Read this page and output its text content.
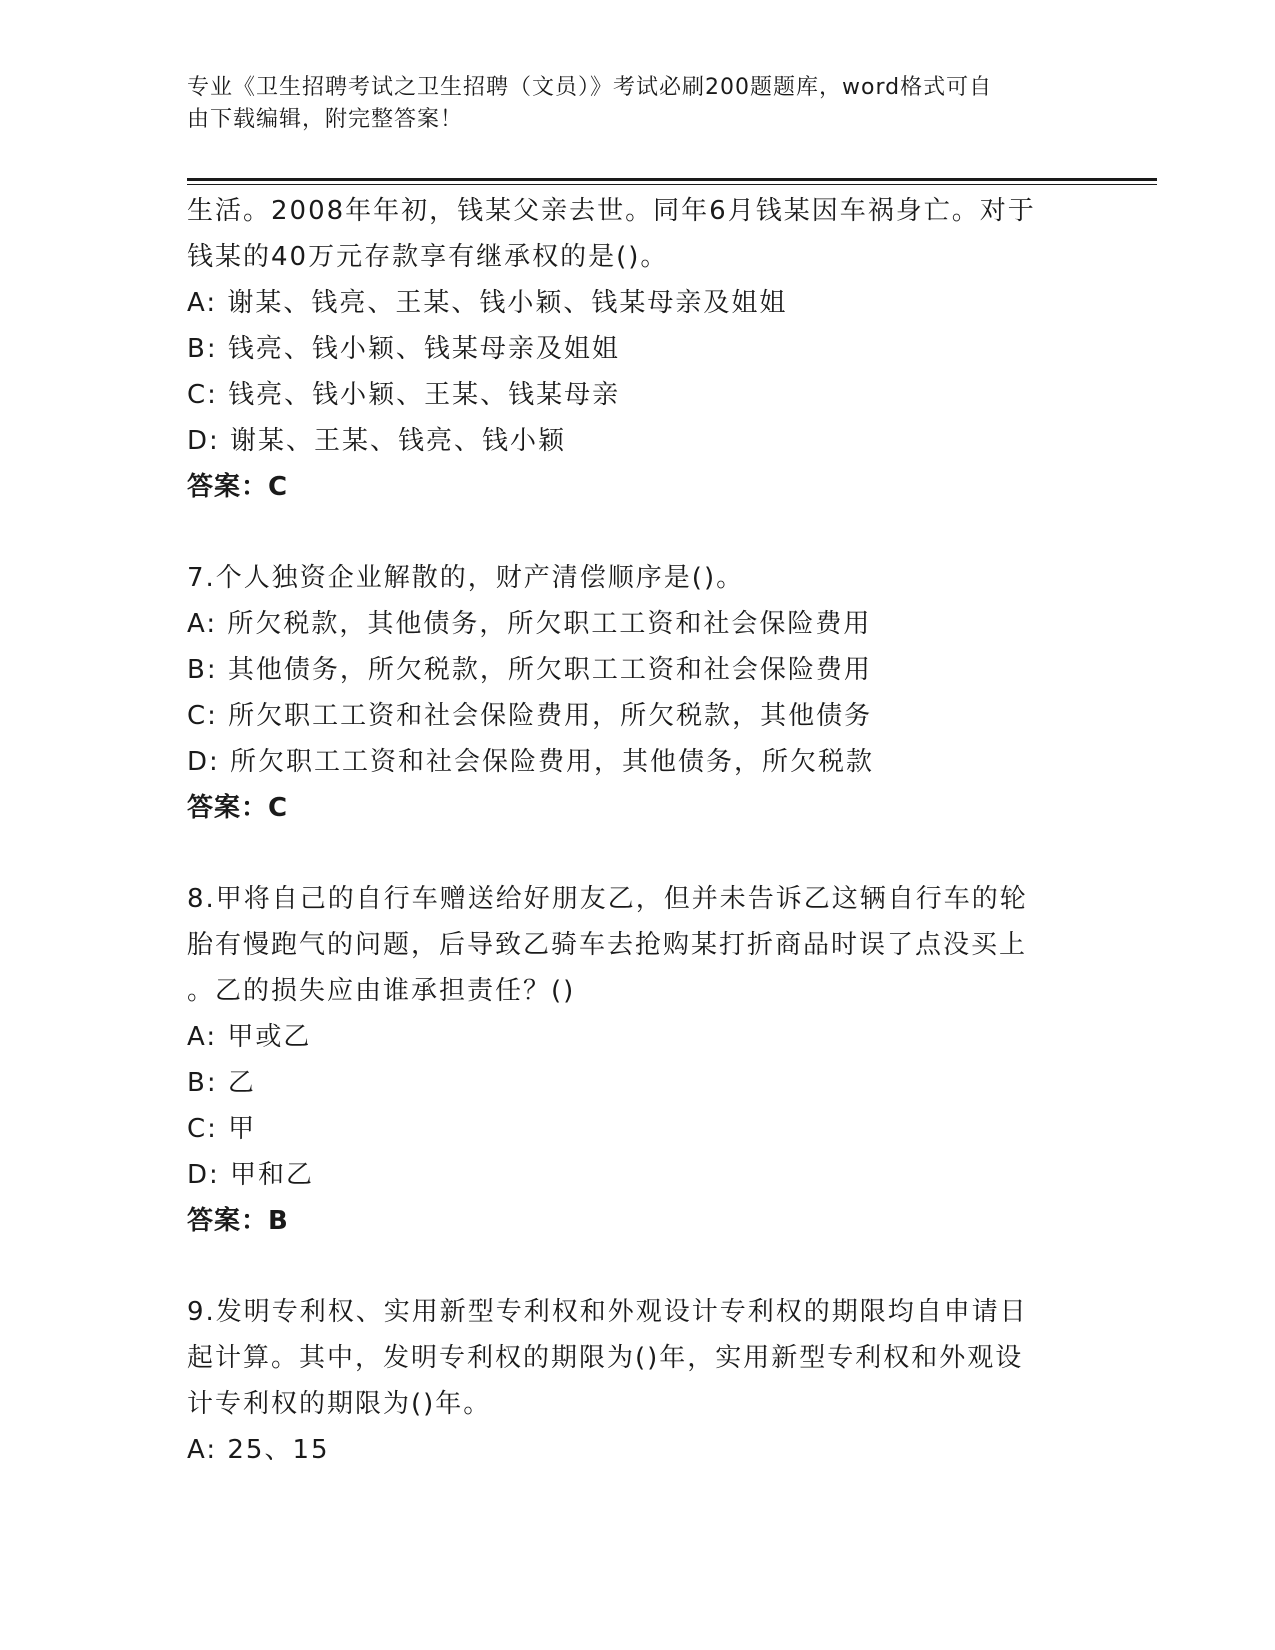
专业《卫生招聘考试之卫生招聘（文员）》考试必刷200题题库，word格式可自
由下载编辑，附完整答案！
生活。2008年年初，钱某父亲去世。同年6月钱某因车祸身亡。对于
钱某的40万元存款享有继承权的是()。
A: 谢某、钱亮、王某、钱小颖、钱某母亲及姐姐
B: 钱亮、钱小颖、钱某母亲及姐姐
C: 钱亮、钱小颖、王某、钱某母亲
D: 谢某、王某、钱亮、钱小颖
答案：C
7.个人独资企业解散的，财产清偿顺序是()。
A: 所欠税款，其他债务，所欠职工工资和社会保险费用
B: 其他债务，所欠税款，所欠职工工资和社会保险费用
C: 所欠职工工资和社会保险费用，所欠税款，其他债务
D: 所欠职工工资和社会保险费用，其他债务，所欠税款
答案：C
8.甲将自己的自行车赠送给好朋友乙，但并未告诉乙这辆自行车的轮
胎有慢跑气的问题，后导致乙骑车去抢购某打折商品时误了点没买上
。乙的损失应由谁承担责任？()
A: 甲或乙
B: 乙
C: 甲
D: 甲和乙
答案：B
9.发明专利权、实用新型专利权和外观设计专利权的期限均自申请日
起计算。其中，发明专利权的期限为()年，实用新型专利权和外观设
计专利权的期限为()年。
A: 25、15
